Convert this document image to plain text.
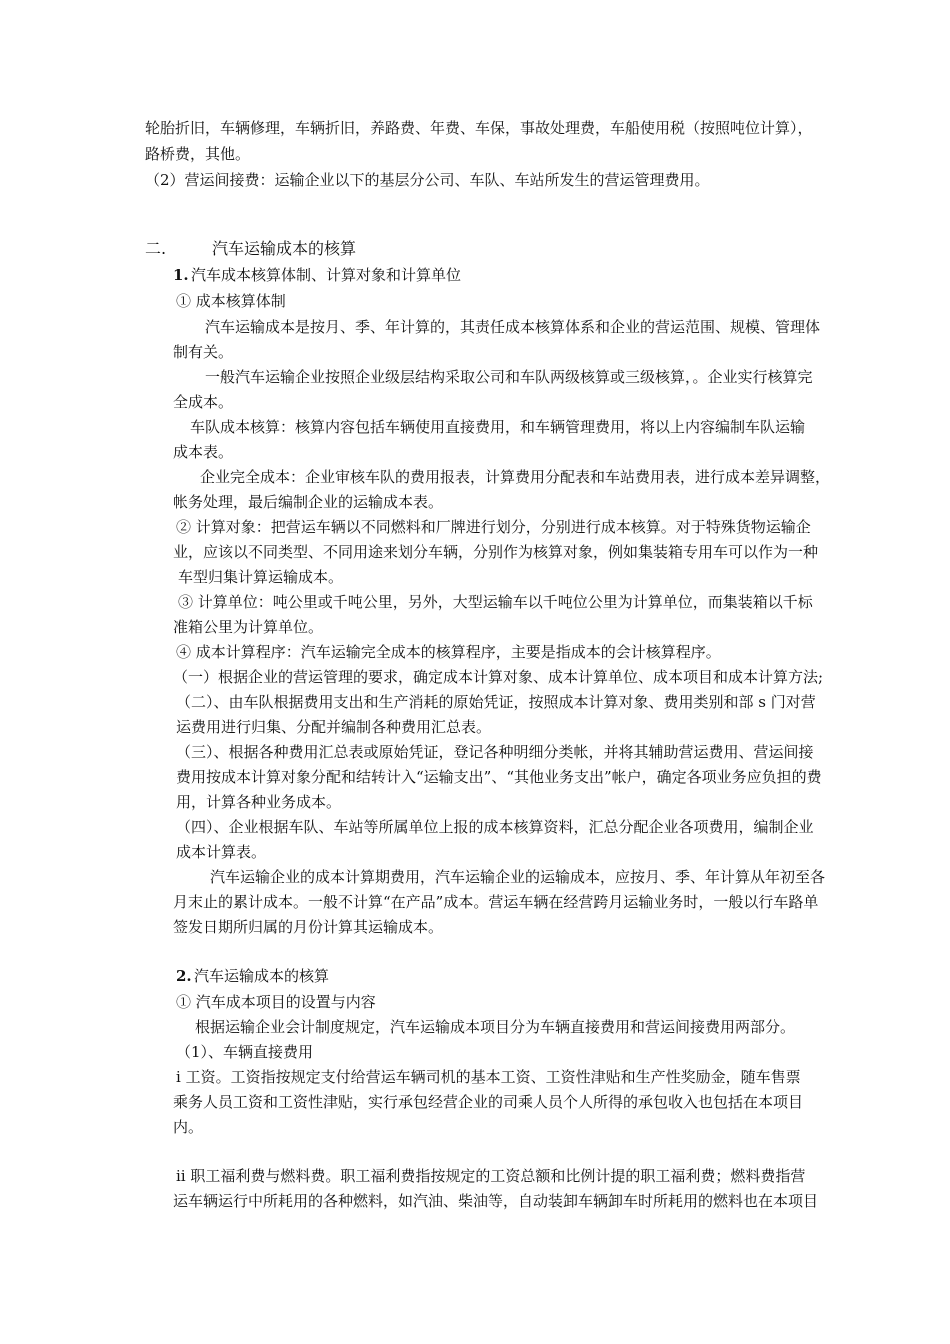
轮胎折旧，车辆修理，车辆折旧，养路费、年费、车保，事故处理费，车船使用税（按照吨位计算），

路桥费，其他。

（2）营运间接费：运输企业以下的基层分公司、车队、车站所发生的营运管理费用。

二.	汽车运输成本的核算

1. 汽车成本核算体制、计算对象和计算单位

① 成本核算体制

汽车运输成本是按月、季、年计算的，其责任成本核算体系和企业的营运范围、规模、管理体

制有关。

一般汽车运输企业按照企业级层结构采取公司和车队两级核算或三级核算，。企业实行核算完

全成本。

车队成本核算：核算内容包括车辆使用直接费用，和车辆管理费用，将以上内容编制车队运输

成本表。

企业完全成本：企业审核车队的费用报表，计算费用分配表和车站费用表，进行成本差异调整，

帐务处理，最后编制企业的运输成本表。

② 计算对象：把营运车辆以不同燃料和厂牌进行划分，分别进行成本核算。对于特殊货物运输企

业，应该以不同类型、不同用途来划分车辆，分别作为核算对象，例如集装箱专用车可以作为一种

车型归集计算运输成本。

③ 计算单位：吨公里或千吨公里，另外，大型运输车以千吨位公里为计算单位，而集装箱以千标

准箱公里为计算单位。

④ 成本计算程序：汽车运输完全成本的核算程序，主要是指成本的会计核算程序。

（一）根据企业的营运管理的要求，确定成本计算对象、成本计算单位、成本项目和成本计算方法;

（二）、由车队根据费用支出和生产消耗的原始凭证，按照成本计算对象、费用类别和部 s 门对营

运费用进行归集、分配并编制各种费用汇总表。

（三）、根据各种费用汇总表或原始凭证，登记各种明细分类帐，并将其辅助营运费用、营运间接

费用按成本计算对象分配和结转计入“运输支出”、“其他业务支出”帐户，确定各项业务应负担的费

用，计算各种业务成本。

（四）、企业根据车队、车站等所属单位上报的成本核算资料，汇总分配企业各项费用，编制企业

成本计算表。

汽车运输企业的成本计算期费用，汽车运输企业的运输成本，应按月、季、年计算从年初至各

月末止的累计成本。一般不计算“在产品”成本。营运车辆在经营跨月运输业务时，一般以行车路单

签发日期所归属的月份计算其运输成本。

2. 汽车运输成本的核算

① 汽车成本项目的设置与内容

根据运输企业会计制度规定，汽车运输成本项目分为车辆直接费用和营运间接费用两部分。

（1）、车辆直接费用

ⅰ 工资。工资指按规定支付给营运车辆司机的基本工资、工资性津贴和生产性奖励金，随车售票

乘务人员工资和工资性津贴，实行承包经营企业的司乘人员个人所得的承包收入也包括在本项目

内。

ⅱ 职工福利费与燃料费。职工福利费指按规定的工资总额和比例计提的职工福利费；燃料费指营

运车辆运行中所耗用的各种燃料，如汽油、柴油等，自动装卸车辆卸车时所耗用的燃料也在本项目
